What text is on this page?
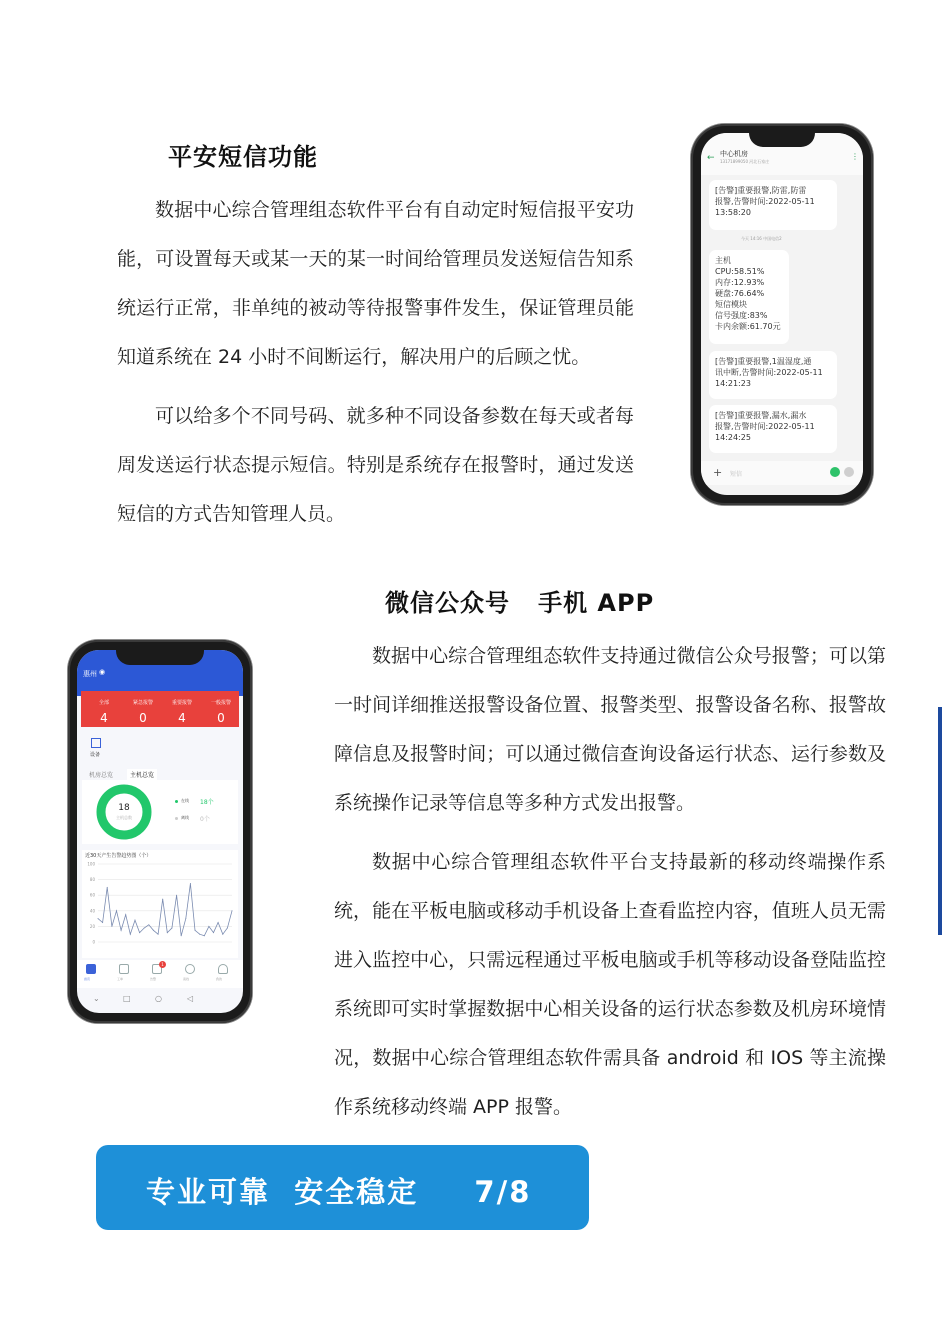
平安短信功能

数据中心综合管理组态软件平台有自动定时短信报平安功能，可设置每天或某一天的某一时间给管理员发送短信告知系统运行正常，非单纯的被动等待报警事件发生，保证管理员能知道系统在 24 小时不间断运行，解决用户的后顾之忧。

可以给多个不同号码、就多种不同设备参数在每天或者每周发送运行状态提示短信。特别是系统存在报警时，通过发送短信的方式告知管理人员。

← 中心机房
13171899050 河北石家庄
⋮
[告警]重要报警,防雷,防雷
报警,告警时间:2022-05-11
13:58:20
今天 14:16 中国电信2
主机
CPU:58.51%
内存:12.93%
硬盘:76.64%
短信模块
信号强度:83%
卡内余额:61.70元
[告警]重要报警,1温湿度,通
讯中断,告警时间:2022-05-11
14:21:23
[告警]重要报警,漏水,漏水
报警,告警时间:2022-05-11
14:24:25
+ 短信
微信公众号   手机 APP

数据中心综合管理组态软件支持通过微信公众号报警；可以第一时间详细推送报警设备位置、报警类型、报警设备名称、报警故障信息及报警时间；可以通过微信查询设备运行状态、运行参数及系统操作记录等信息等多种方式发出报警。

数据中心综合管理组态软件平台支持最新的移动终端操作系统，能在平板电脑或移动手机设备上查看监控内容，值班人员无需进入监控中心，只需远程通过平板电脑或手机等移动设备登陆监控系统即可实时掌握数据中心相关设备的运行状态参数及机房环境情况，数据中心综合管理组态软件需具备 android 和 IOS 等主流操作系统移动终端 APP 报警。

惠州 ◉
全部
4
紧急报警
0
重要报警
4
一般报警
0
设备
机房总览	主机总览
18
主机总数
在线 18个
离线 0个
近30天产生告警趋势图（个）
100
80
60
40
20
0
1
首页	工单	告警	查找	我的
⌄	□	○	◁
专业可靠  安全稳定 7/8
